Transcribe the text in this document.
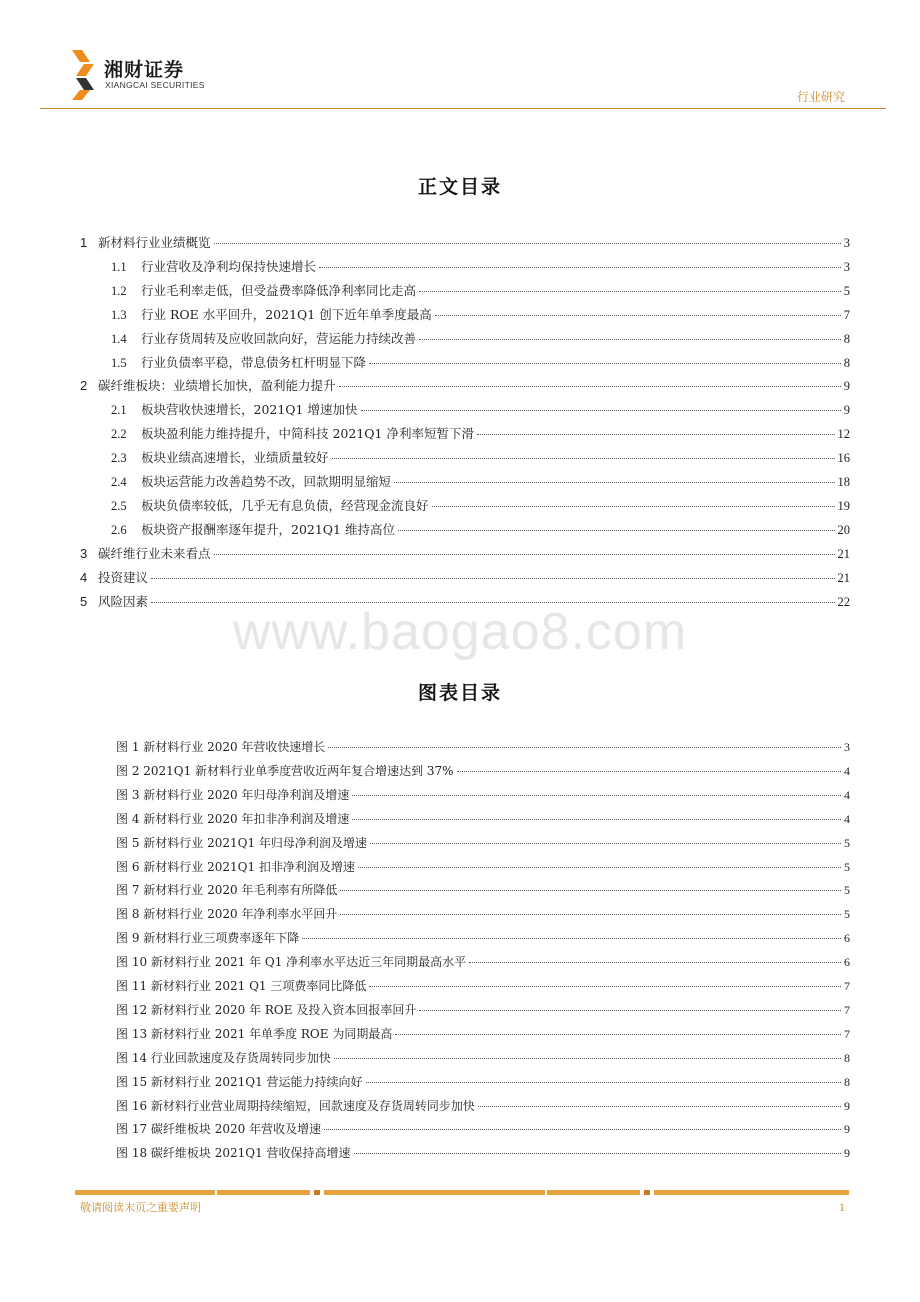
湘财证券
XIANGCAI SECURITIES
行业研究
正文目录
1 新材料行业业绩概览	3
1.1	行业营收及净利均保持快速增长	3
1.2	行业毛利率走低，但受益费率降低净利率同比走高	5
1.3	行业 ROE 水平回升，2021Q1 创下近年单季度最高	7
1.4	行业存货周转及应收回款向好，营运能力持续改善	8
1.5	行业负债率平稳，带息债务杠杆明显下降	8
2 碳纤维板块：业绩增长加快，盈利能力提升	9
2.1	板块营收快速增长，2021Q1 增速加快	9
2.2	板块盈利能力维持提升，中简科技 2021Q1 净利率短暂下滑	12
2.3	板块业绩高速增长，业绩质量较好	16
2.4	板块运营能力改善趋势不改，回款期明显缩短	18
2.5	板块负债率较低，几乎无有息负债，经营现金流良好	19
2.6	板块资产报酬率逐年提升，2021Q1 维持高位	20
3 碳纤维行业未来看点	21
4 投资建议	21
5 风险因素	22
www.baogao8.com
图表目录
图 1 新材料行业 2020 年营收快速增长	3
图 2 2021Q1 新材料行业单季度营收近两年复合增速达到 37%	4
图 3 新材料行业 2020 年归母净利润及增速	4
图 4 新材料行业 2020 年扣非净利润及增速	4
图 5 新材料行业 2021Q1 年归母净利润及增速	5
图 6 新材料行业 2021Q1 扣非净利润及增速	5
图 7 新材料行业 2020 年毛利率有所降低	5
图 8 新材料行业 2020 年净利率水平回升	5
图 9 新材料行业三项费率逐年下降	6
图 10 新材料行业 2021 年 Q1 净利率水平达近三年同期最高水平	6
图 11 新材料行业 2021 Q1 三项费率同比降低	7
图 12 新材料行业 2020 年 ROE 及投入资本回报率回升	7
图 13 新材料行业 2021 年单季度 ROE 为同期最高	7
图 14 行业回款速度及存货周转同步加快	8
图 15 新材料行业 2021Q1 营运能力持续向好	8
图 16 新材料行业营业周期持续缩短，回款速度及存货周转同步加快	9
图 17 碳纤维板块 2020 年营收及增速	9
图 18 碳纤维板块 2021Q1 营收保持高增速	9
敬请阅读末页之重要声明	1
